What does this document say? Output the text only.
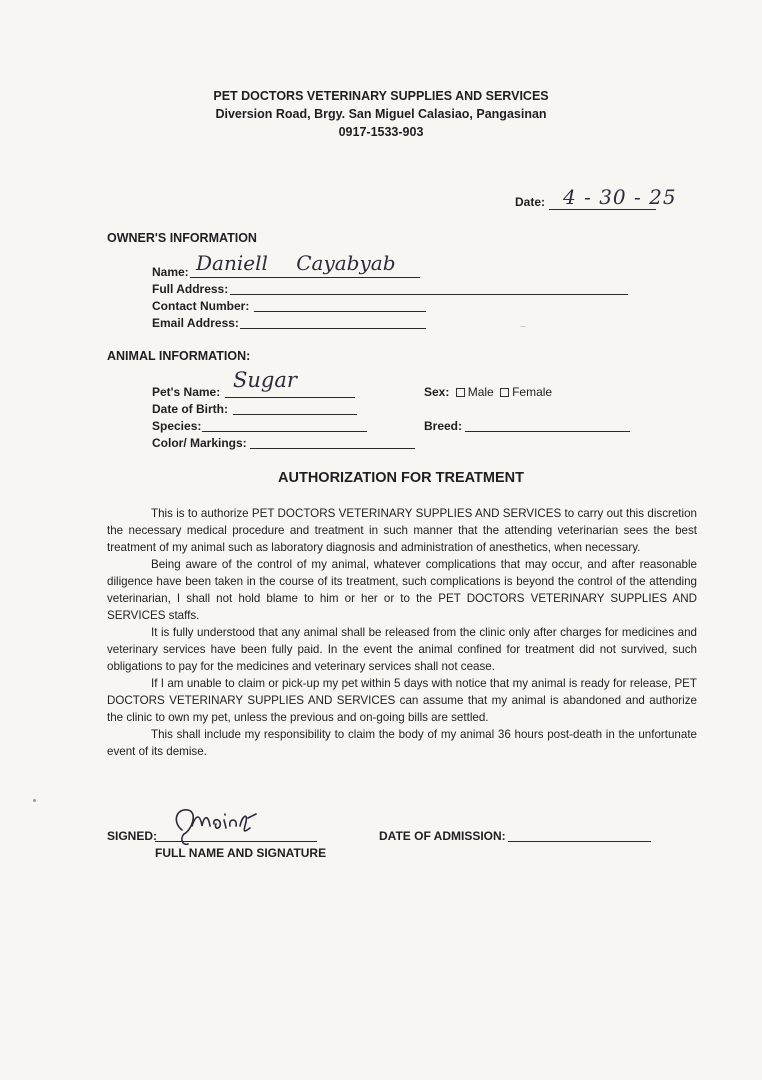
PET DOCTORS VETERINARY SUPPLIES AND SERVICES
Diversion Road, Brgy. San Miguel Calasiao, Pangasinan
0917-1533-903
Date: 4 - 30 - 25
OWNER'S INFORMATION
Name: Daniell Cayabyab
Full Address:
Contact Number:
Email Address:
ANIMAL INFORMATION:
Pet's Name: Sugar
Date of Birth:
Species:
Color/ Markings:
Sex: Male Female
Breed:
AUTHORIZATION FOR TREATMENT

This is to authorize PET DOCTORS VETERINARY SUPPLIES AND SERVICES to carry out this discretion the necessary medical procedure and treatment in such manner that the attending veterinarian sees the best treatment of my animal such as laboratory diagnosis and administration of anesthetics, when necessary.

Being aware of the control of my animal, whatever complications that may occur, and after reasonable diligence have been taken in the course of its treatment, such complications is beyond the control of the attending veterinarian, I shall not hold blame to him or her or to the PET DOCTORS VETERINARY SUPPLIES AND SERVICES staffs.

It is fully understood that any animal shall be released from the clinic only after charges for medicines and veterinary services have been fully paid. In the event the animal confined for treatment did not survived, such obligations to pay for the medicines and veterinary services shall not cease.

If I am unable to claim or pick-up my pet within 5 days with notice that my animal is ready for release, PET DOCTORS VETERINARY SUPPLIES AND SERVICES can assume that my animal is abandoned and authorize the clinic to own my pet, unless the previous and on-going bills are settled.

This shall include my responsibility to claim the body of my animal 36 hours post-death in the unfortunate event of its demise.

SIGNED:
FULL NAME AND SIGNATURE
DATE OF ADMISSION:
